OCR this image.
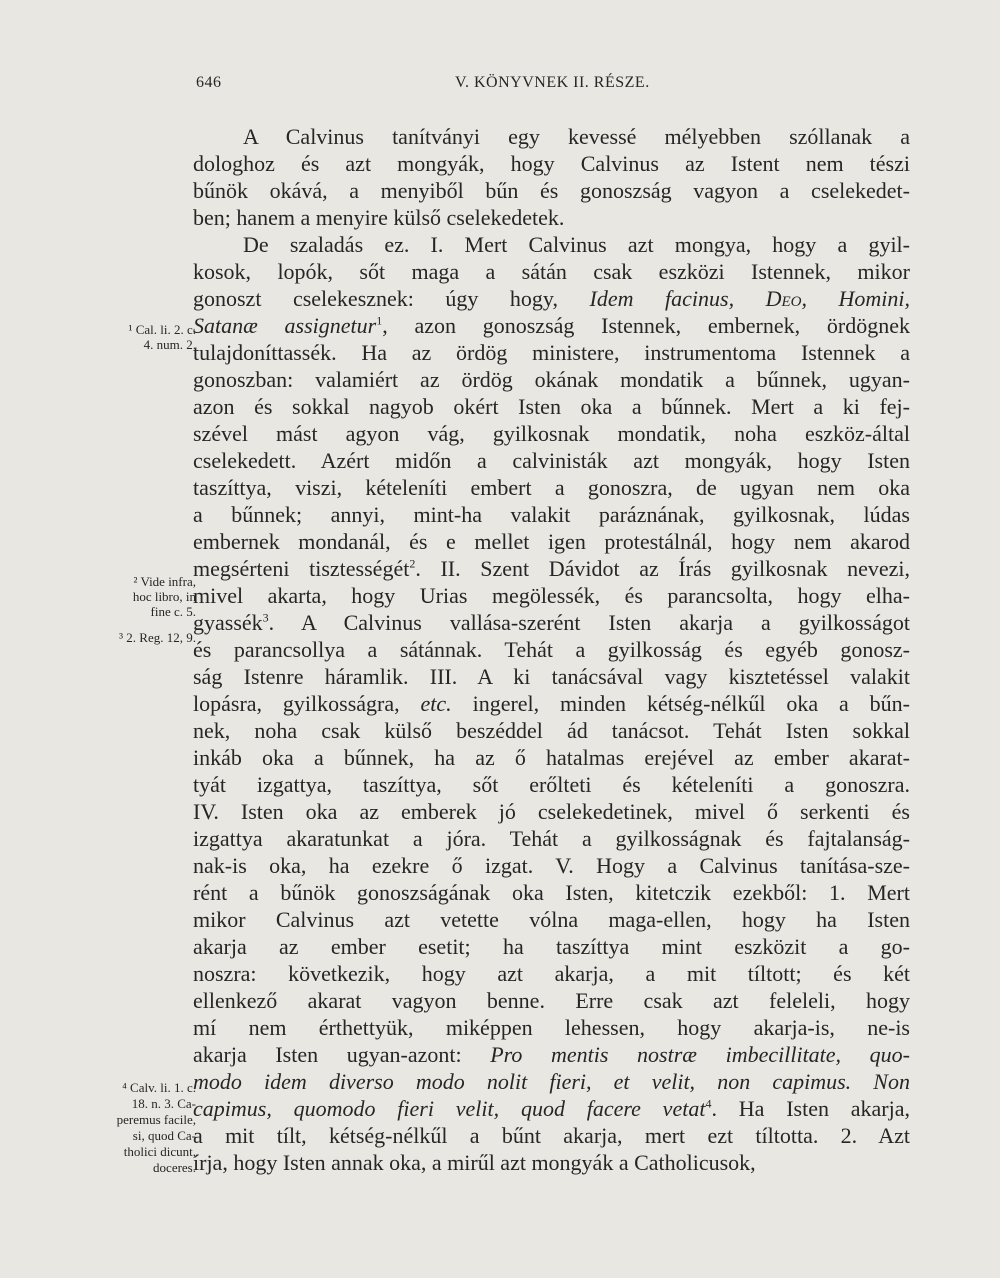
646	V. KÖNYVNEK II. RÉSZE.
A Calvinus tanítványi egy kevessé mélyebben szóllanak a
dologhoz és azt mongyák, hogy Calvinus az Istent nem tészi
bűnök okává, a menyiből bűn és gonoszság vagyon a cselekedet-
ben; hanem a menyire külső cselekedetek.
De szaladás ez. I. Mert Calvinus azt mongya, hogy a gyil-
kosok, lopók, sőt maga a sátán csak eszközi Istennek, mikor
gonoszt cselekesznek: úgy hogy, Idem facinus, Deo, Homini,
Satanæ assignetur$^1$, azon gonoszság Istennek, embernek, ördögnek
tulajdoníttassék. Ha az ördög ministere, instrumentoma Istennek a
gonoszban: valamiért az ördög okának mondatik a bűnnek, ugyan-
azon és sokkal nagyob okért Isten oka a bűnnek. Mert a ki fej-
szével mást agyon vág, gyilkosnak mondatik, noha eszköz-által
cselekedett. Azért midőn a calvinisták azt mongyák, hogy Isten
taszíttya, viszi, kételeníti embert a gonoszra, de ugyan nem oka
a bűnnek; annyi, mint-ha valakit paráznának, gyilkosnak, lúdas
embernek mondanál, és e mellet igen protestálnál, hogy nem akarod
megsérteni tisztességét$^2$. II. Szent Dávidot az Írás gyilkosnak nevezi,
mivel akarta, hogy Urias megölessék, és parancsolta, hogy elha-
gyassék$^3$. A Calvinus vallása-szerént Isten akarja a gyilkosságot
és parancsollya a sátánnak. Tehát a gyilkosság és egyéb gonosz-
ság Istenre háramlik. III. A ki tanácsával vagy kisztetéssel valakit
lopásra, gyilkosságra, etc. ingerel, minden kétség-nélkűl oka a bűn-
nek, noha csak külső beszéddel ád tanácsot. Tehát Isten sokkal
inkáb oka a bűnnek, ha az ő hatalmas erejével az ember akarat-
tyát izgattya, taszíttya, sőt erőlteti és kételeníti a gonoszra.
IV. Isten oka az emberek jó cselekedetinek, mivel ő serkenti és
izgattya akaratunkat a jóra. Tehát a gyilkosságnak és fajtalanság-
nak-is oka, ha ezekre ő izgat. V. Hogy a Calvinus tanítása-sze-
rént a bűnök gonoszságának oka Isten, kitetczik ezekből: 1. Mert
mikor Calvinus azt vetette vólna maga-ellen, hogy ha Isten
akarja az ember esetit; ha taszíttya mint eszközit a go-
noszra: következik, hogy azt akarja, a mit tíltott; és két
ellenkező akarat vagyon benne. Erre csak azt feleleli, hogy
mí nem érthettyük, miképpen lehessen, hogy akarja-is, ne-is
akarja Isten ugyan-azont: Pro mentis nostræ imbecillitate, quo-
modo idem diverso modo nolit fieri, et velit, non capimus. Non
capimus, quomodo fieri velit, quod facere vetat$^4$. Ha Isten akarja,
a mit tílt, kétség-nélkűl a bűnt akarja, mert ezt tíltotta. 2. Azt
írja, hogy Isten annak oka, a mirűl azt mongyák a Catholicusok,
¹ Cal. li. 2. c.
4. num. 2.
² Vide infra,
hoc libro, in
fine c. 5.
³ 2. Reg. 12, 9.
⁴ Calv. li. 1. c.
18. n. 3. Ca-
peremus facile,
si, quod Ca-
tholici dicunt,
doceres.
